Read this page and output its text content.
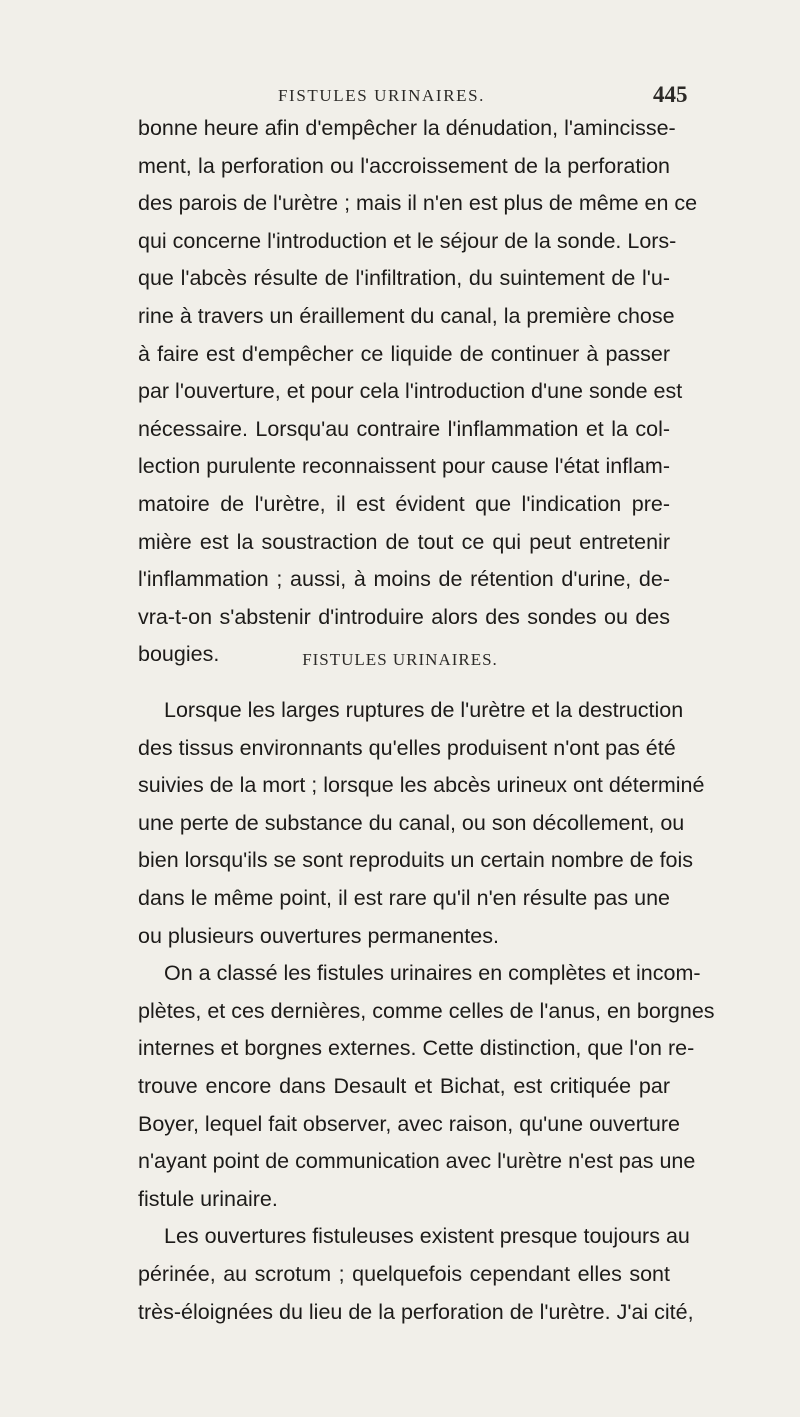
FISTULES URINAIRES.	445
bonne heure afin d'empêcher la dénudation, l'amincisse-
ment, la perforation ou l'accroissement de la perforation
des parois de l'urètre ; mais il n'en est plus de même en ce
qui concerne l'introduction et le séjour de la sonde. Lors-
que l'abcès résulte de l'infiltration, du suintement de l'u-
rine à travers un éraillement du canal, la première chose
à faire est d'empêcher ce liquide de continuer à passer
par l'ouverture, et pour cela l'introduction d'une sonde est
nécessaire. Lorsqu'au contraire l'inflammation et la col-
lection purulente reconnaissent pour cause l'état inflam-
matoire de l'urètre, il est évident que l'indication pre-
mière est la soustraction de tout ce qui peut entretenir
l'inflammation ; aussi, à moins de rétention d'urine, de-
vra-t-on s'abstenir d'introduire alors des sondes ou des
bougies.	FISTULES URINAIRES.
Lorsque les larges ruptures de l'urètre et la destruction
des tissus environnants qu'elles produisent n'ont pas été
suivies de la mort ; lorsque les abcès urineux ont déterminé
une perte de substance du canal, ou son décollement, ou
bien lorsqu'ils se sont reproduits un certain nombre de fois
dans le même point, il est rare qu'il n'en résulte pas une
ou plusieurs ouvertures permanentes.
On a classé les fistules urinaires en complètes et incom-
plètes, et ces dernières, comme celles de l'anus, en borgnes
internes et borgnes externes. Cette distinction, que l'on re-
trouve encore dans Desault et Bichat, est critiquée par
Boyer, lequel fait observer, avec raison, qu'une ouverture
n'ayant point de communication avec l'urètre n'est pas une
fistule urinaire.
Les ouvertures fistuleuses existent presque toujours au
périnée, au scrotum ; quelquefois cependant elles sont
très-éloignées du lieu de la perforation de l'urètre. J'ai cité,
